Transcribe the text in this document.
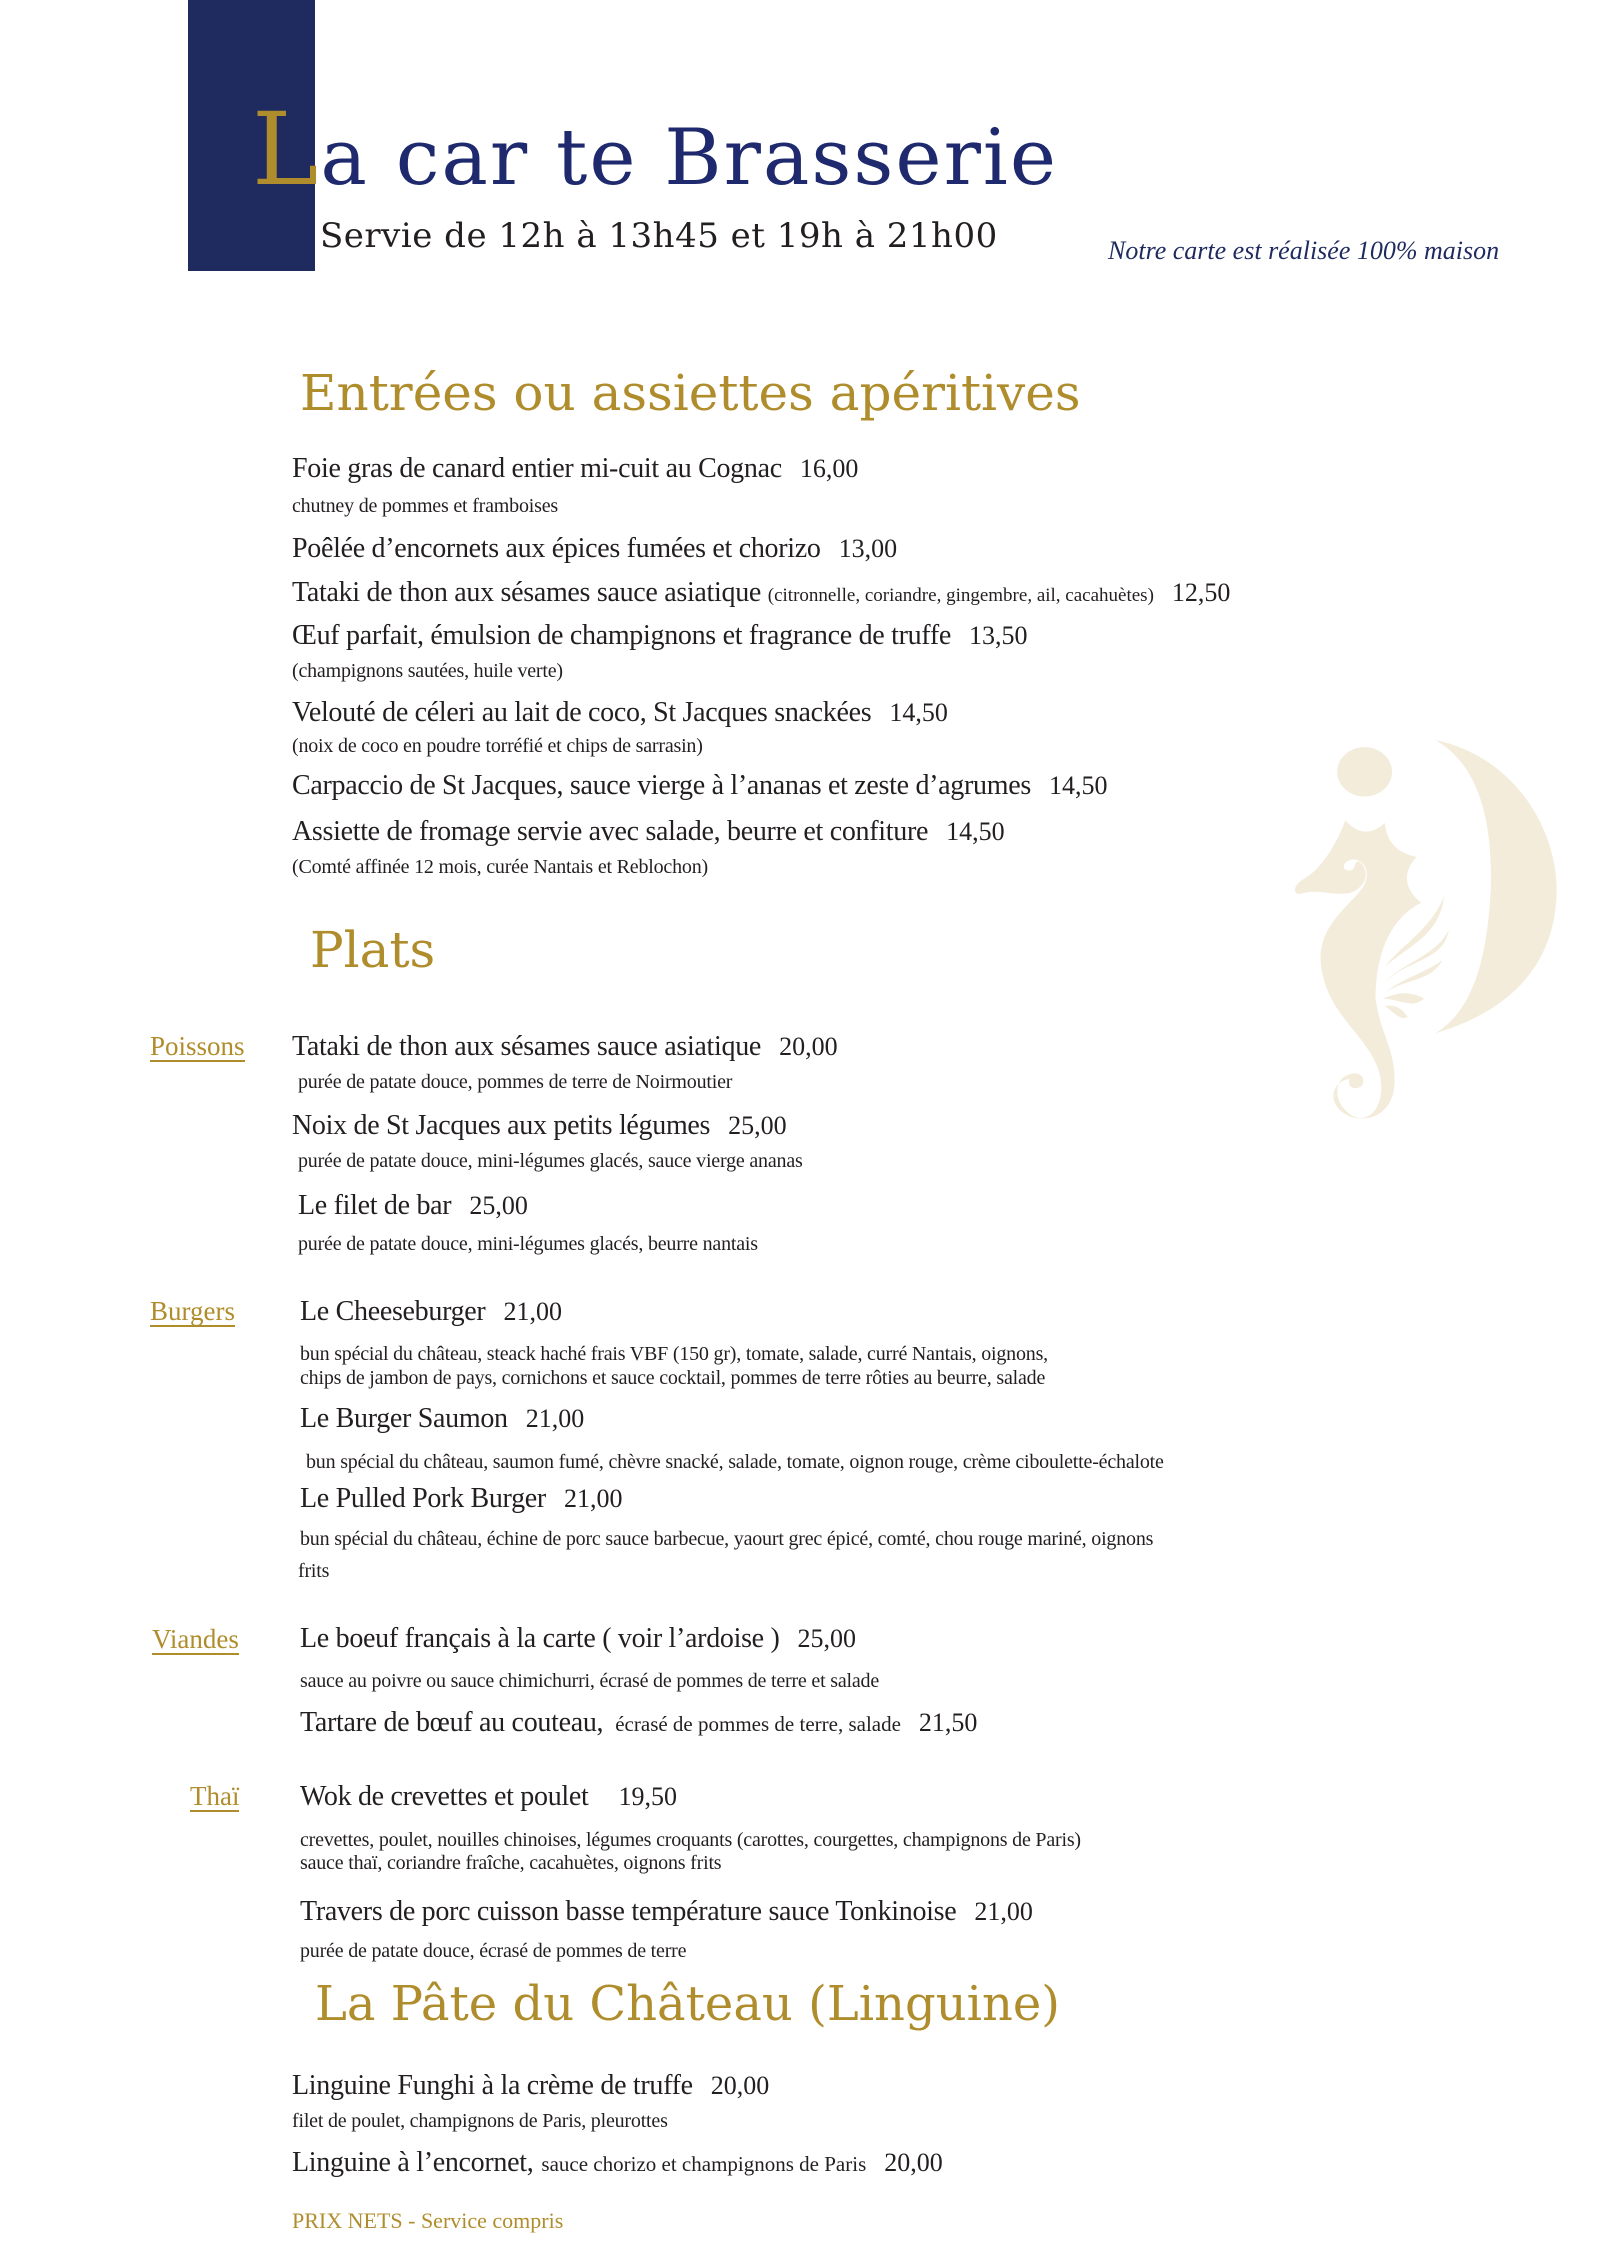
La car te Brasserie
Servie de 12h à 13h45 et 19h à 21h00	Notre carte est réalisée 100% maison
Entrées ou assiettes apéritives
Foie gras de canard entier mi-cuit au Cognac 16,00
chutney de pommes et framboises
Poêlée d’encornets aux épices fumées et chorizo 13,00
Tataki de thon aux sésames sauce asiatique (citronnelle, coriandre, gingembre, ail, cacahuètes) 12,50
Œuf parfait, émulsion de champignons et fragrance de truffe 13,50
(champignons sautées, huile verte)
Velouté de céleri au lait de coco, St Jacques snackées 14,50
(noix de coco en poudre torréfié et chips de sarrasin)
Carpaccio de St Jacques, sauce vierge à l’ananas et zeste d’agrumes 14,50
Assiette de fromage servie avec salade, beurre et confiture 14,50
(Comté affinée 12 mois, curée Nantais et Reblochon)
Plats
Poissons Tataki de thon aux sésames sauce asiatique 20,00
purée de patate douce, pommes de terre de Noirmoutier
Noix de St Jacques aux petits légumes 25,00
purée de patate douce, mini-légumes glacés, sauce vierge ananas
Le filet de bar 25,00
purée de patate douce, mini-légumes glacés, beurre nantais
Burgers Le Cheeseburger 21,00
bun spécial du château, steack haché frais VBF (150 gr), tomate, salade, curré Nantais, oignons,
chips de jambon de pays, cornichons et sauce cocktail, pommes de terre rôties au beurre, salade
Le Burger Saumon 21,00
bun spécial du château, saumon fumé, chèvre snacké, salade, tomate, oignon rouge, crème ciboulette-échalote
Le Pulled Pork Burger 21,00
bun spécial du château, échine de porc sauce barbecue, yaourt grec épicé, comté, chou rouge mariné, oignons
frits
Viandes Le boeuf français à la carte ( voir l’ardoise ) 25,00
sauce au poivre ou sauce chimichurri, écrasé de pommes de terre et salade
Tartare de bœuf au couteau, écrasé de pommes de terre, salade 21,50
Thaï Wok de crevettes et poulet 19,50
crevettes, poulet, nouilles chinoises, légumes croquants (carottes, courgettes, champignons de Paris)
sauce thaï, coriandre fraîche, cacahuètes, oignons frits
Travers de porc cuisson basse température sauce Tonkinoise 21,00
purée de patate douce, écrasé de pommes de terre
La Pâte du Château (Linguine)
Linguine Funghi à la crème de truffe 20,00
filet de poulet, champignons de Paris, pleurottes
Linguine à l’encornet, sauce chorizo et champignons de Paris 20,00
PRIX NETS - Service compris
